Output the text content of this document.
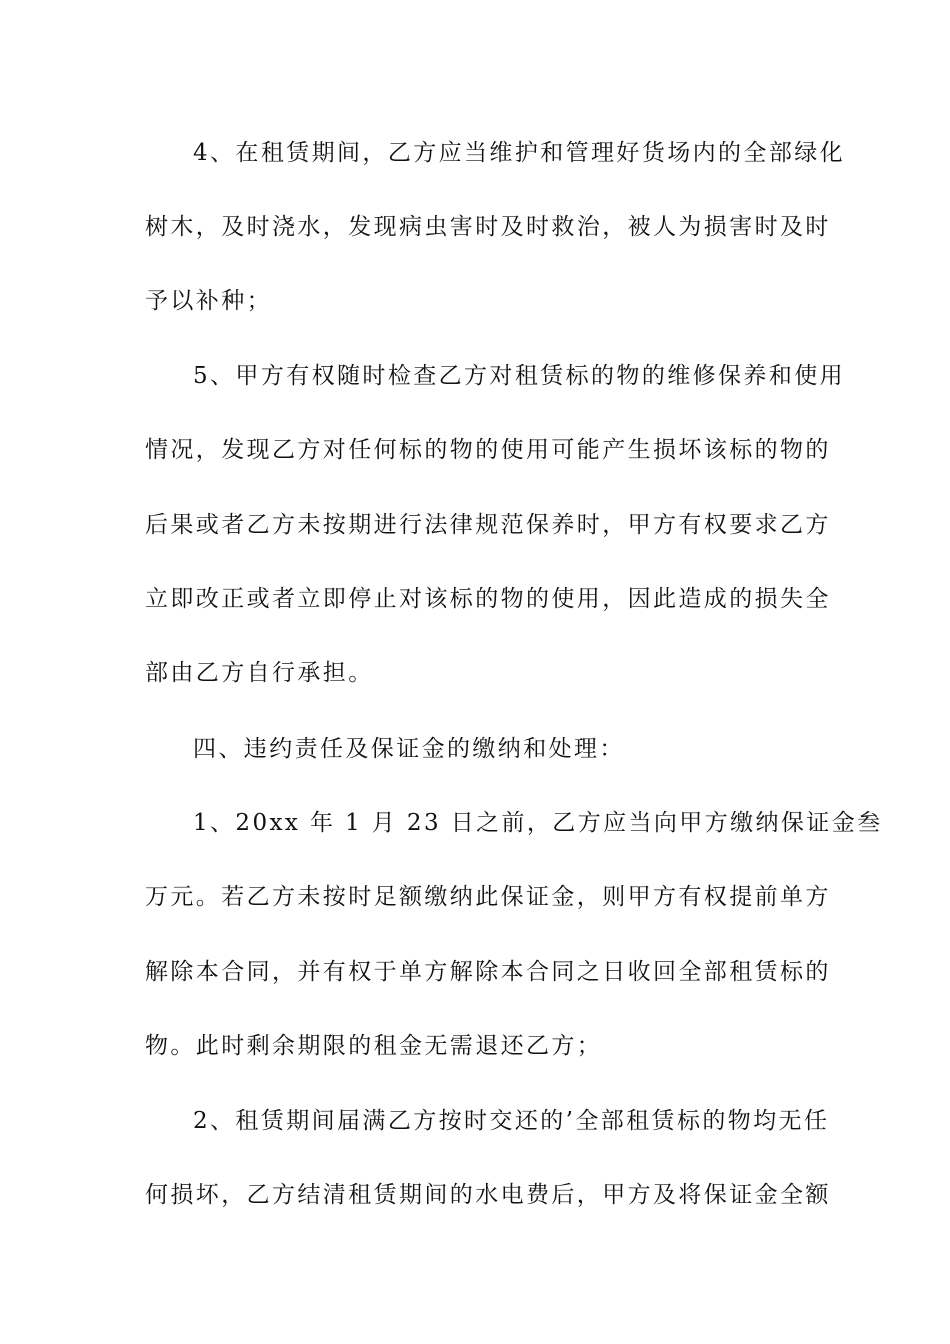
4、在租赁期间，乙方应当维护和管理好货场内的全部绿化
树木，及时浇水，发现病虫害时及时救治，被人为损害时及时
予以补种；
5、甲方有权随时检查乙方对租赁标的物的维修保养和使用
情况，发现乙方对任何标的物的使用可能产生损坏该标的物的
后果或者乙方未按期进行法律规范保养时，甲方有权要求乙方
立即改正或者立即停止对该标的物的使用，因此造成的损失全
部由乙方自行承担。
四、违约责任及保证金的缴纳和处理：
1、20xx 年 1 月 23 日之前，乙方应当向甲方缴纳保证金叁
万元。若乙方未按时足额缴纳此保证金，则甲方有权提前单方
解除本合同，并有权于单方解除本合同之日收回全部租赁标的
物。此时剩余期限的租金无需退还乙方；
2、租赁期间届满乙方按时交还的’全部租赁标的物均无任
何损坏，乙方结清租赁期间的水电费后，甲方及将保证金全额
